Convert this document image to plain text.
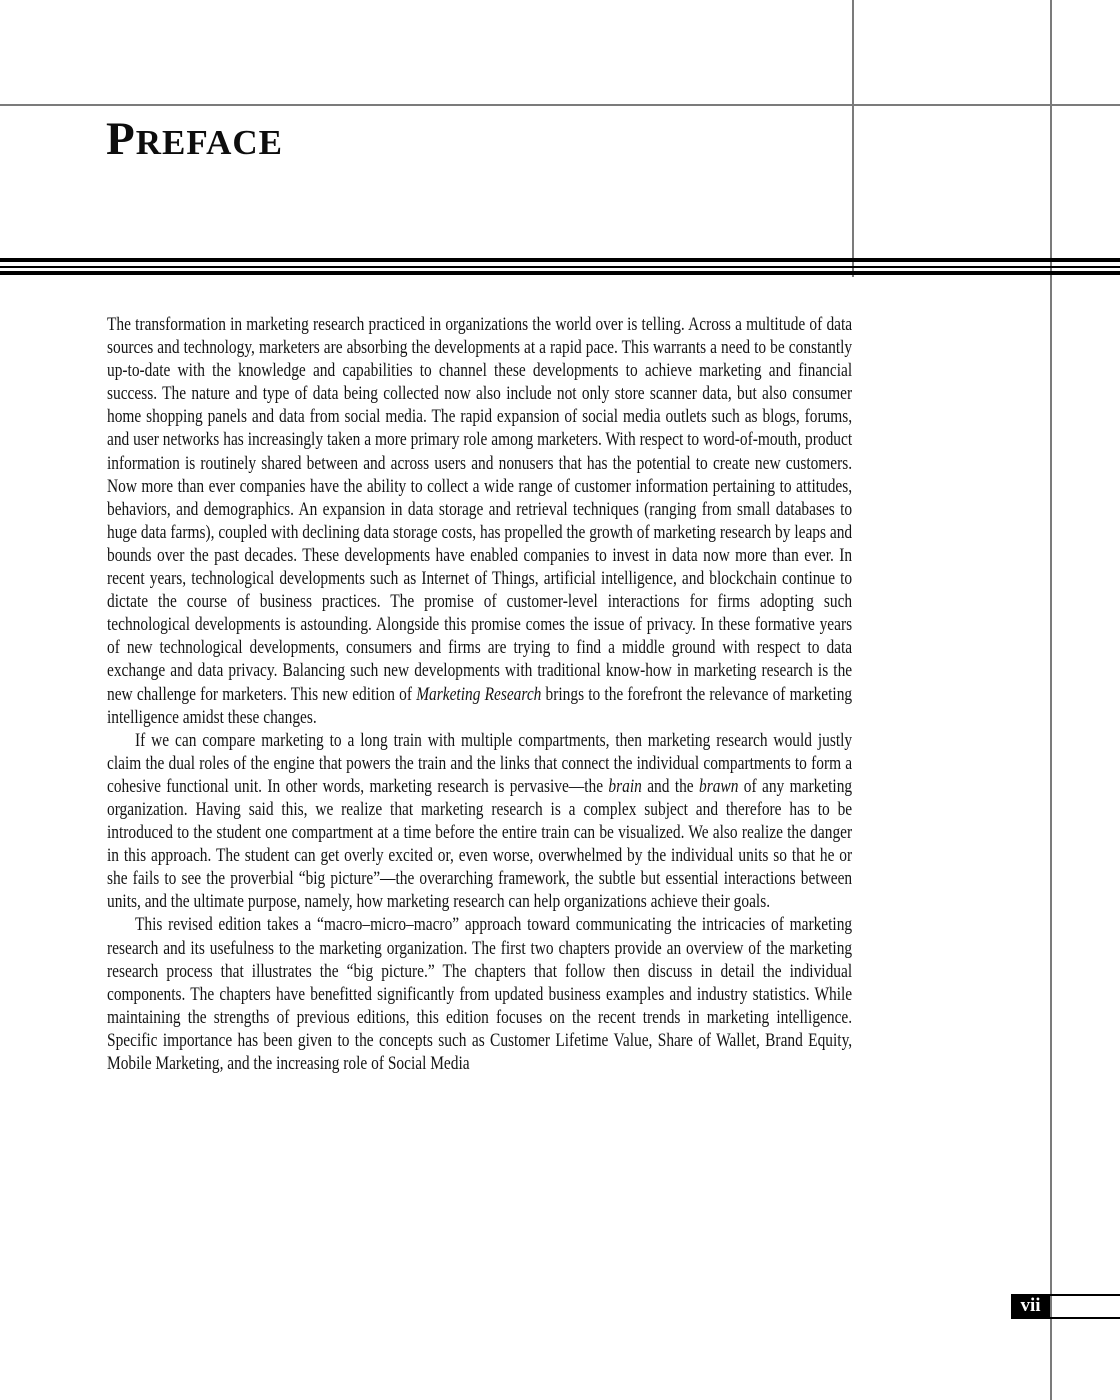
PREFACE

The transformation in marketing research practiced in organizations the world over is telling. Across a multitude of data sources and technology, marketers are absorbing the developments at a rapid pace. This warrants a need to be constantly up-to-date with the knowledge and capabilities to channel these developments to achieve marketing and financial success. The nature and type of data being collected now also include not only store scanner data, but also consumer home shopping panels and data from social media. The rapid expansion of social media outlets such as blogs, forums, and user networks has increasingly taken a more primary role among marketers. With respect to word-of-mouth, product information is routinely shared between and across users and nonusers that has the potential to create new customers. Now more than ever companies have the ability to collect a wide range of customer information pertaining to attitudes, behaviors, and demographics. An expansion in data storage and retrieval techniques (ranging from small databases to huge data farms), coupled with declining data storage costs, has propelled the growth of marketing research by leaps and bounds over the past decades. These developments have enabled companies to invest in data now more than ever. In recent years, technological developments such as Internet of Things, artificial intelligence, and blockchain continue to dictate the course of business practices. The promise of customer-level interactions for firms adopting such technological developments is astounding. Alongside this promise comes the issue of privacy. In these formative years of new technological developments, consumers and firms are trying to find a middle ground with respect to data exchange and data privacy. Balancing such new developments with traditional know-how in marketing research is the new challenge for marketers. This new edition of Marketing Research brings to the forefront the relevance of marketing intelligence amidst these changes.

If we can compare marketing to a long train with multiple compartments, then marketing research would justly claim the dual roles of the engine that powers the train and the links that connect the individual compartments to form a cohesive functional unit. In other words, marketing research is pervasive—the brain and the brawn of any marketing organization. Having said this, we realize that marketing research is a complex subject and therefore has to be introduced to the student one compartment at a time before the entire train can be visualized. We also realize the danger in this approach. The student can get overly excited or, even worse, overwhelmed by the individual units so that he or she fails to see the proverbial “big picture”—the overarching framework, the subtle but essential interactions between units, and the ultimate purpose, namely, how marketing research can help organizations achieve their goals.

This revised edition takes a “macro–micro–macro” approach toward communicating the intricacies of marketing research and its usefulness to the marketing organization. The first two chapters provide an overview of the marketing research process that illustrates the “big picture.” The chapters that follow then discuss in detail the individual components. The chapters have benefitted significantly from updated business examples and industry statistics. While maintaining the strengths of previous editions, this edition focuses on the recent trends in marketing intelligence. Specific importance has been given to the concepts such as Customer Lifetime Value, Share of Wallet, Brand Equity, Mobile Marketing, and the increasing role of Social Media

vii
